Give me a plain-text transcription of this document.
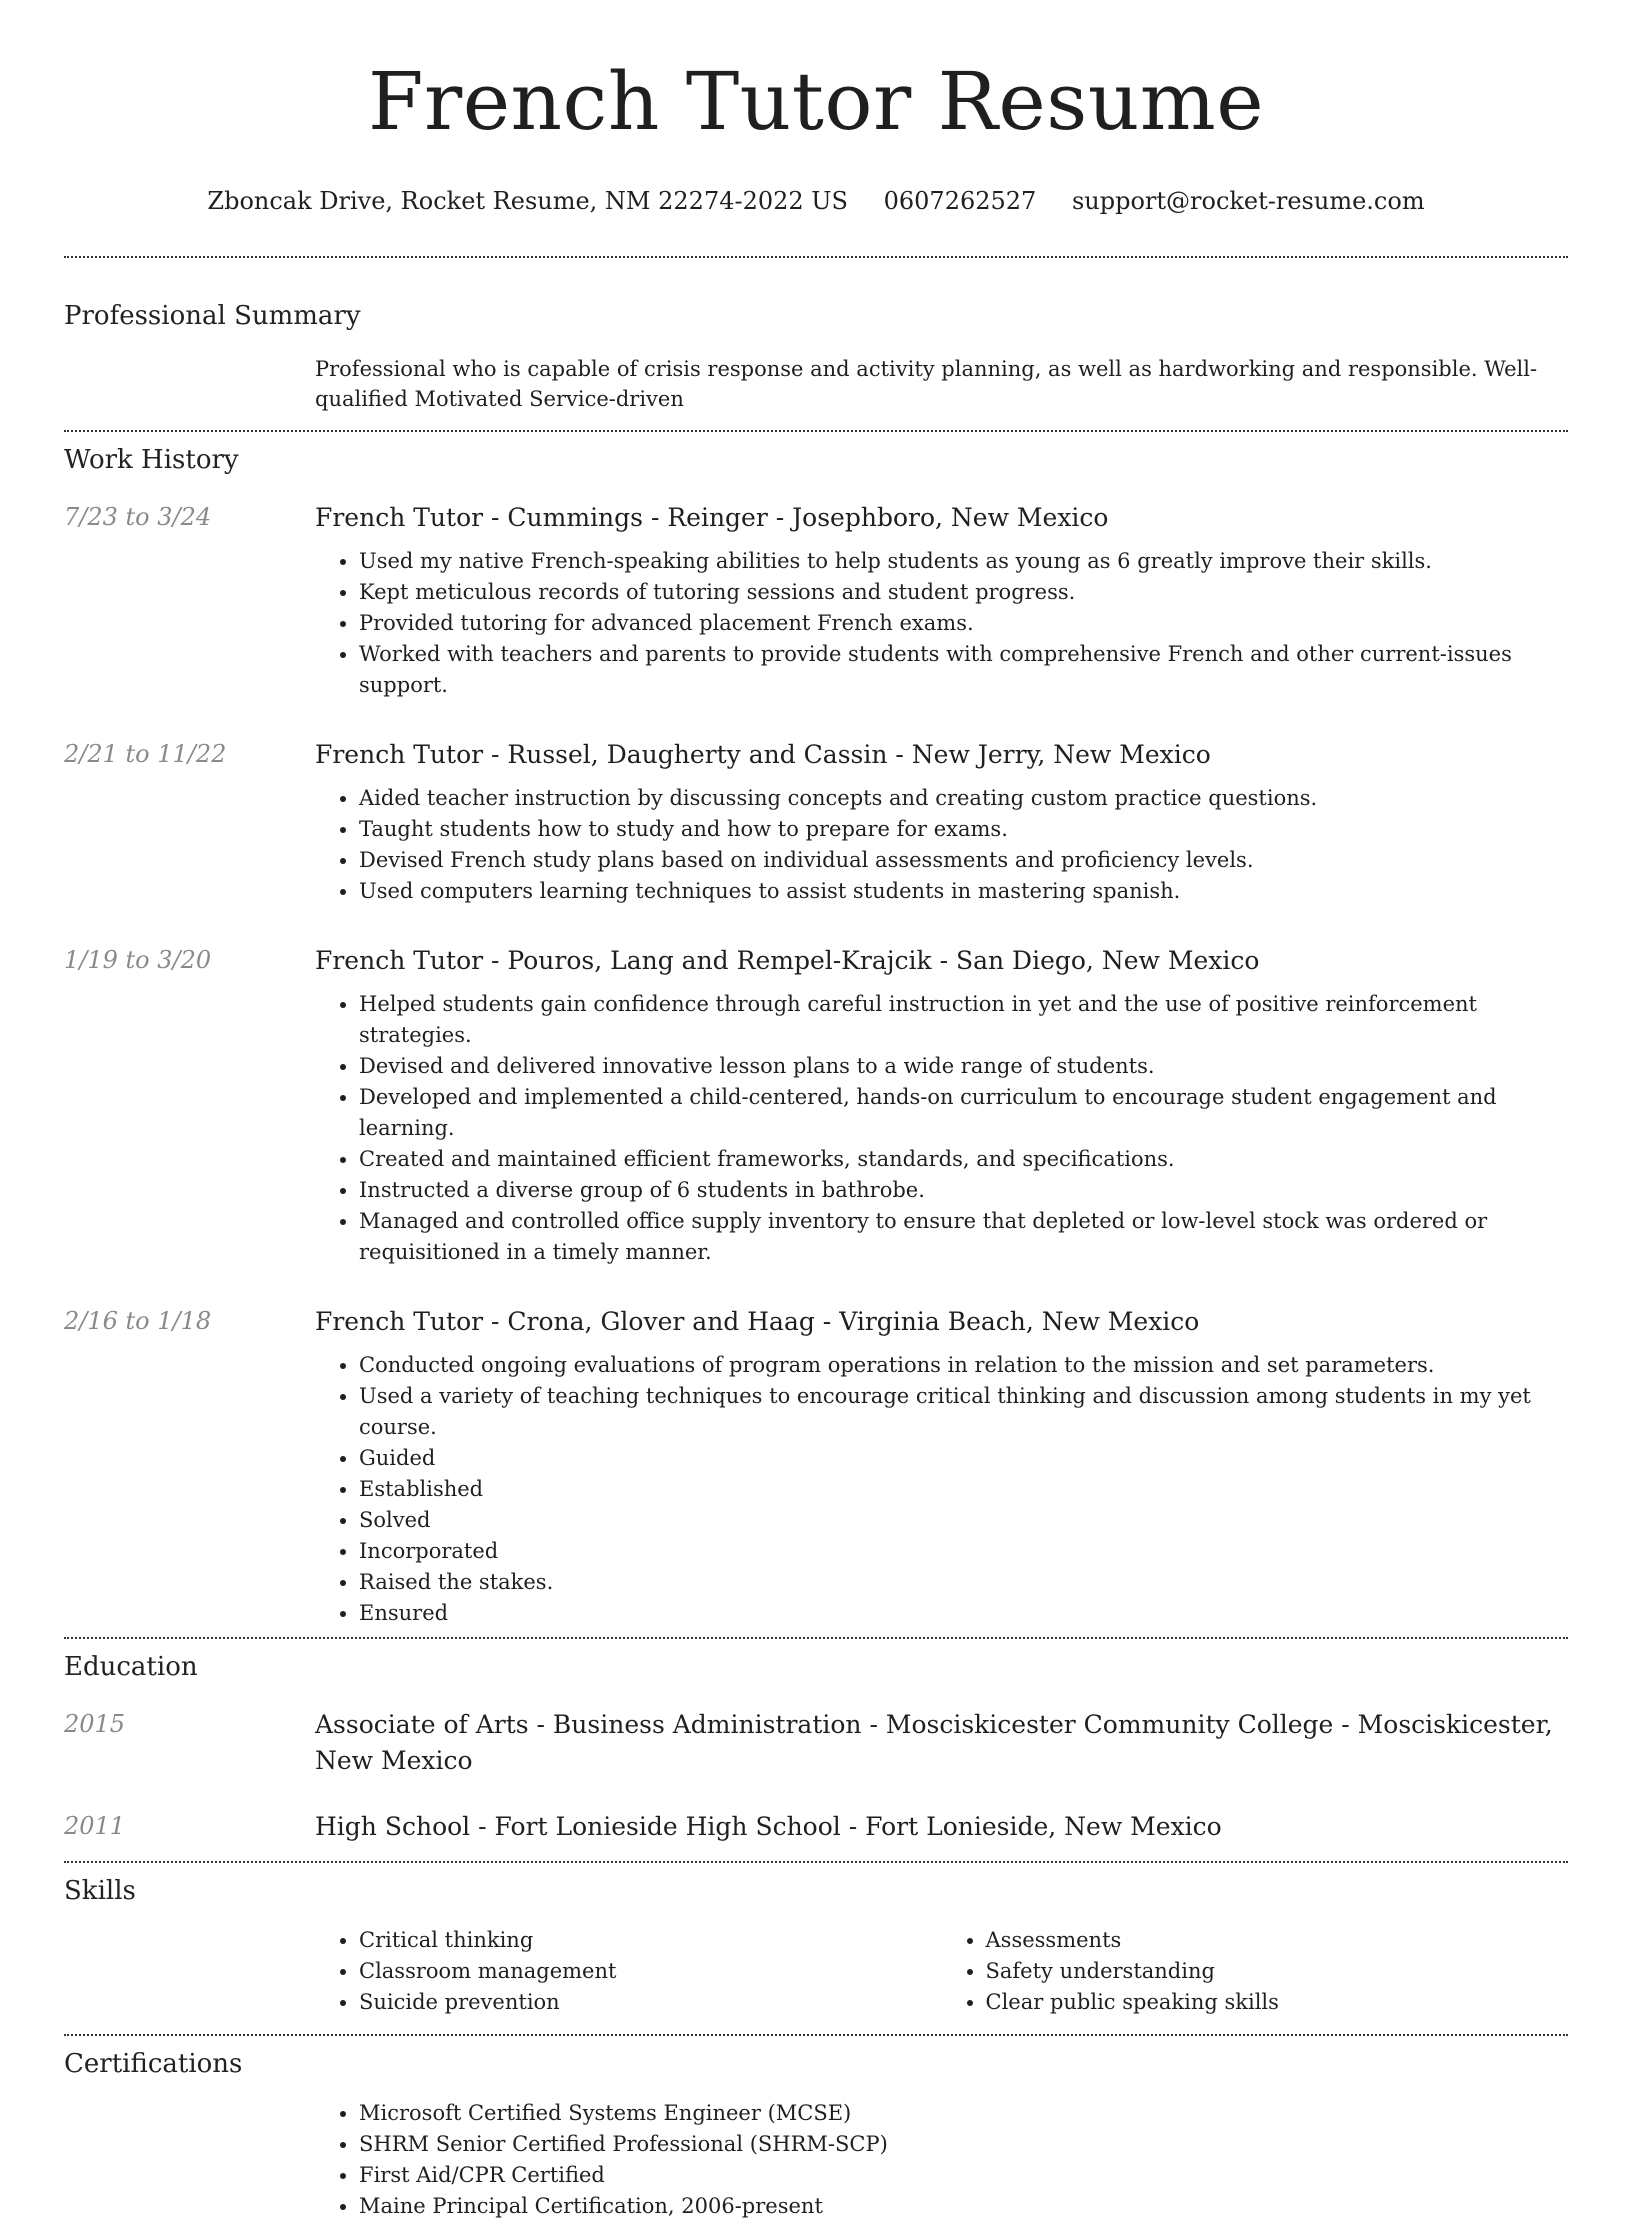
French Tutor Resume
Zboncak Drive, Rocket Resume, NM 22274-2022 US 0607262527 support@rocket-resume.com
Professional Summary
Professional who is capable of crisis response and activity planning, as well as hardworking and responsible. Well-qualified Motivated Service-driven
Work History
7/23 to 3/24	French Tutor - Cummings - Reinger - Josephboro, New Mexico
• Used my native French-speaking abilities to help students as young as 6 greatly improve their skills.
• Kept meticulous records of tutoring sessions and student progress.
• Provided tutoring for advanced placement French exams.
• Worked with teachers and parents to provide students with comprehensive French and other current-issues support.
2/21 to 11/22	French Tutor - Russel, Daugherty and Cassin - New Jerry, New Mexico
• Aided teacher instruction by discussing concepts and creating custom practice questions.
• Taught students how to study and how to prepare for exams.
• Devised French study plans based on individual assessments and proficiency levels.
• Used computers learning techniques to assist students in mastering spanish.
1/19 to 3/20	French Tutor - Pouros, Lang and Rempel-Krajcik - San Diego, New Mexico
• Helped students gain confidence through careful instruction in yet and the use of positive reinforcement strategies.
• Devised and delivered innovative lesson plans to a wide range of students.
• Developed and implemented a child-centered, hands-on curriculum to encourage student engagement and learning.
• Created and maintained efficient frameworks, standards, and specifications.
• Instructed a diverse group of 6 students in bathrobe.
• Managed and controlled office supply inventory to ensure that depleted or low-level stock was ordered or requisitioned in a timely manner.
2/16 to 1/18	French Tutor - Crona, Glover and Haag - Virginia Beach, New Mexico
• Conducted ongoing evaluations of program operations in relation to the mission and set parameters.
• Used a variety of teaching techniques to encourage critical thinking and discussion among students in my yet course.
• Guided
• Established
• Solved
• Incorporated
• Raised the stakes.
• Ensured
Education
2015	Associate of Arts - Business Administration - Mosciskicester Community College - Mosciskicester, New Mexico
2011	High School - Fort Lonieside High School - Fort Lonieside, New Mexico
Skills
• Critical thinking
• Classroom management
• Suicide prevention
• Assessments
• Safety understanding
• Clear public speaking skills
Certifications
• Microsoft Certified Systems Engineer (MCSE)
• SHRM Senior Certified Professional (SHRM-SCP)
• First Aid/CPR Certified
• Maine Principal Certification, 2006-present
